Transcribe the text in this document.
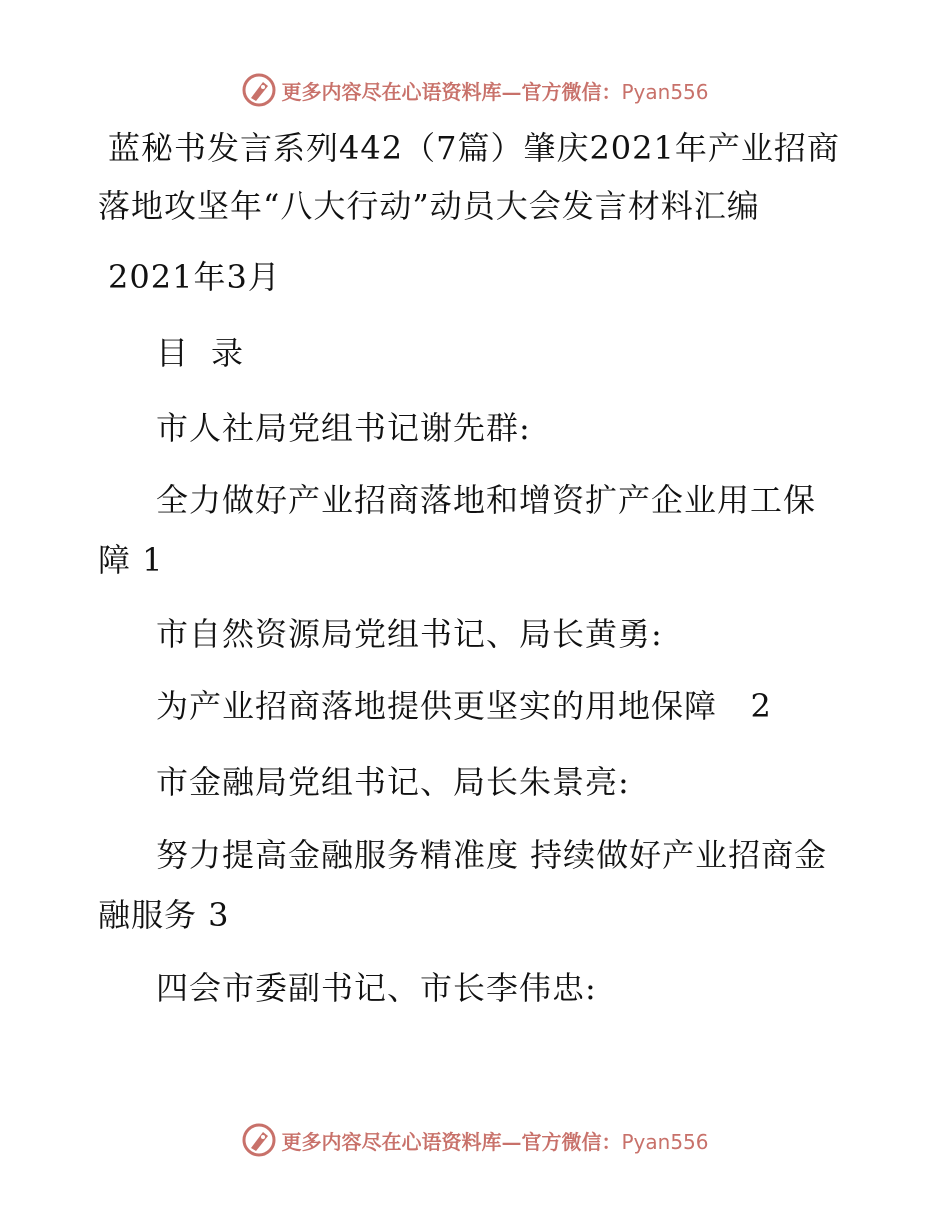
更多内容尽在心语资料库—官方微信：Pyan556
蓝秘书发言系列442（7篇）肇庆2021年产业招商
落地攻坚年“八大行动”动员大会发言材料汇编
2021年3月
目 录
市人社局党组书记谢先群:
全力做好产业招商落地和增资扩产企业用工保
障 1
市自然资源局党组书记、局长黄勇:
为产业招商落地提供更坚实的用地保障   2
市金融局党组书记、局长朱景亮:
努力提高金融服务精准度 持续做好产业招商金
融服务 3
四会市委副书记、市长李伟忠:
更多内容尽在心语资料库—官方微信：Pyan556
